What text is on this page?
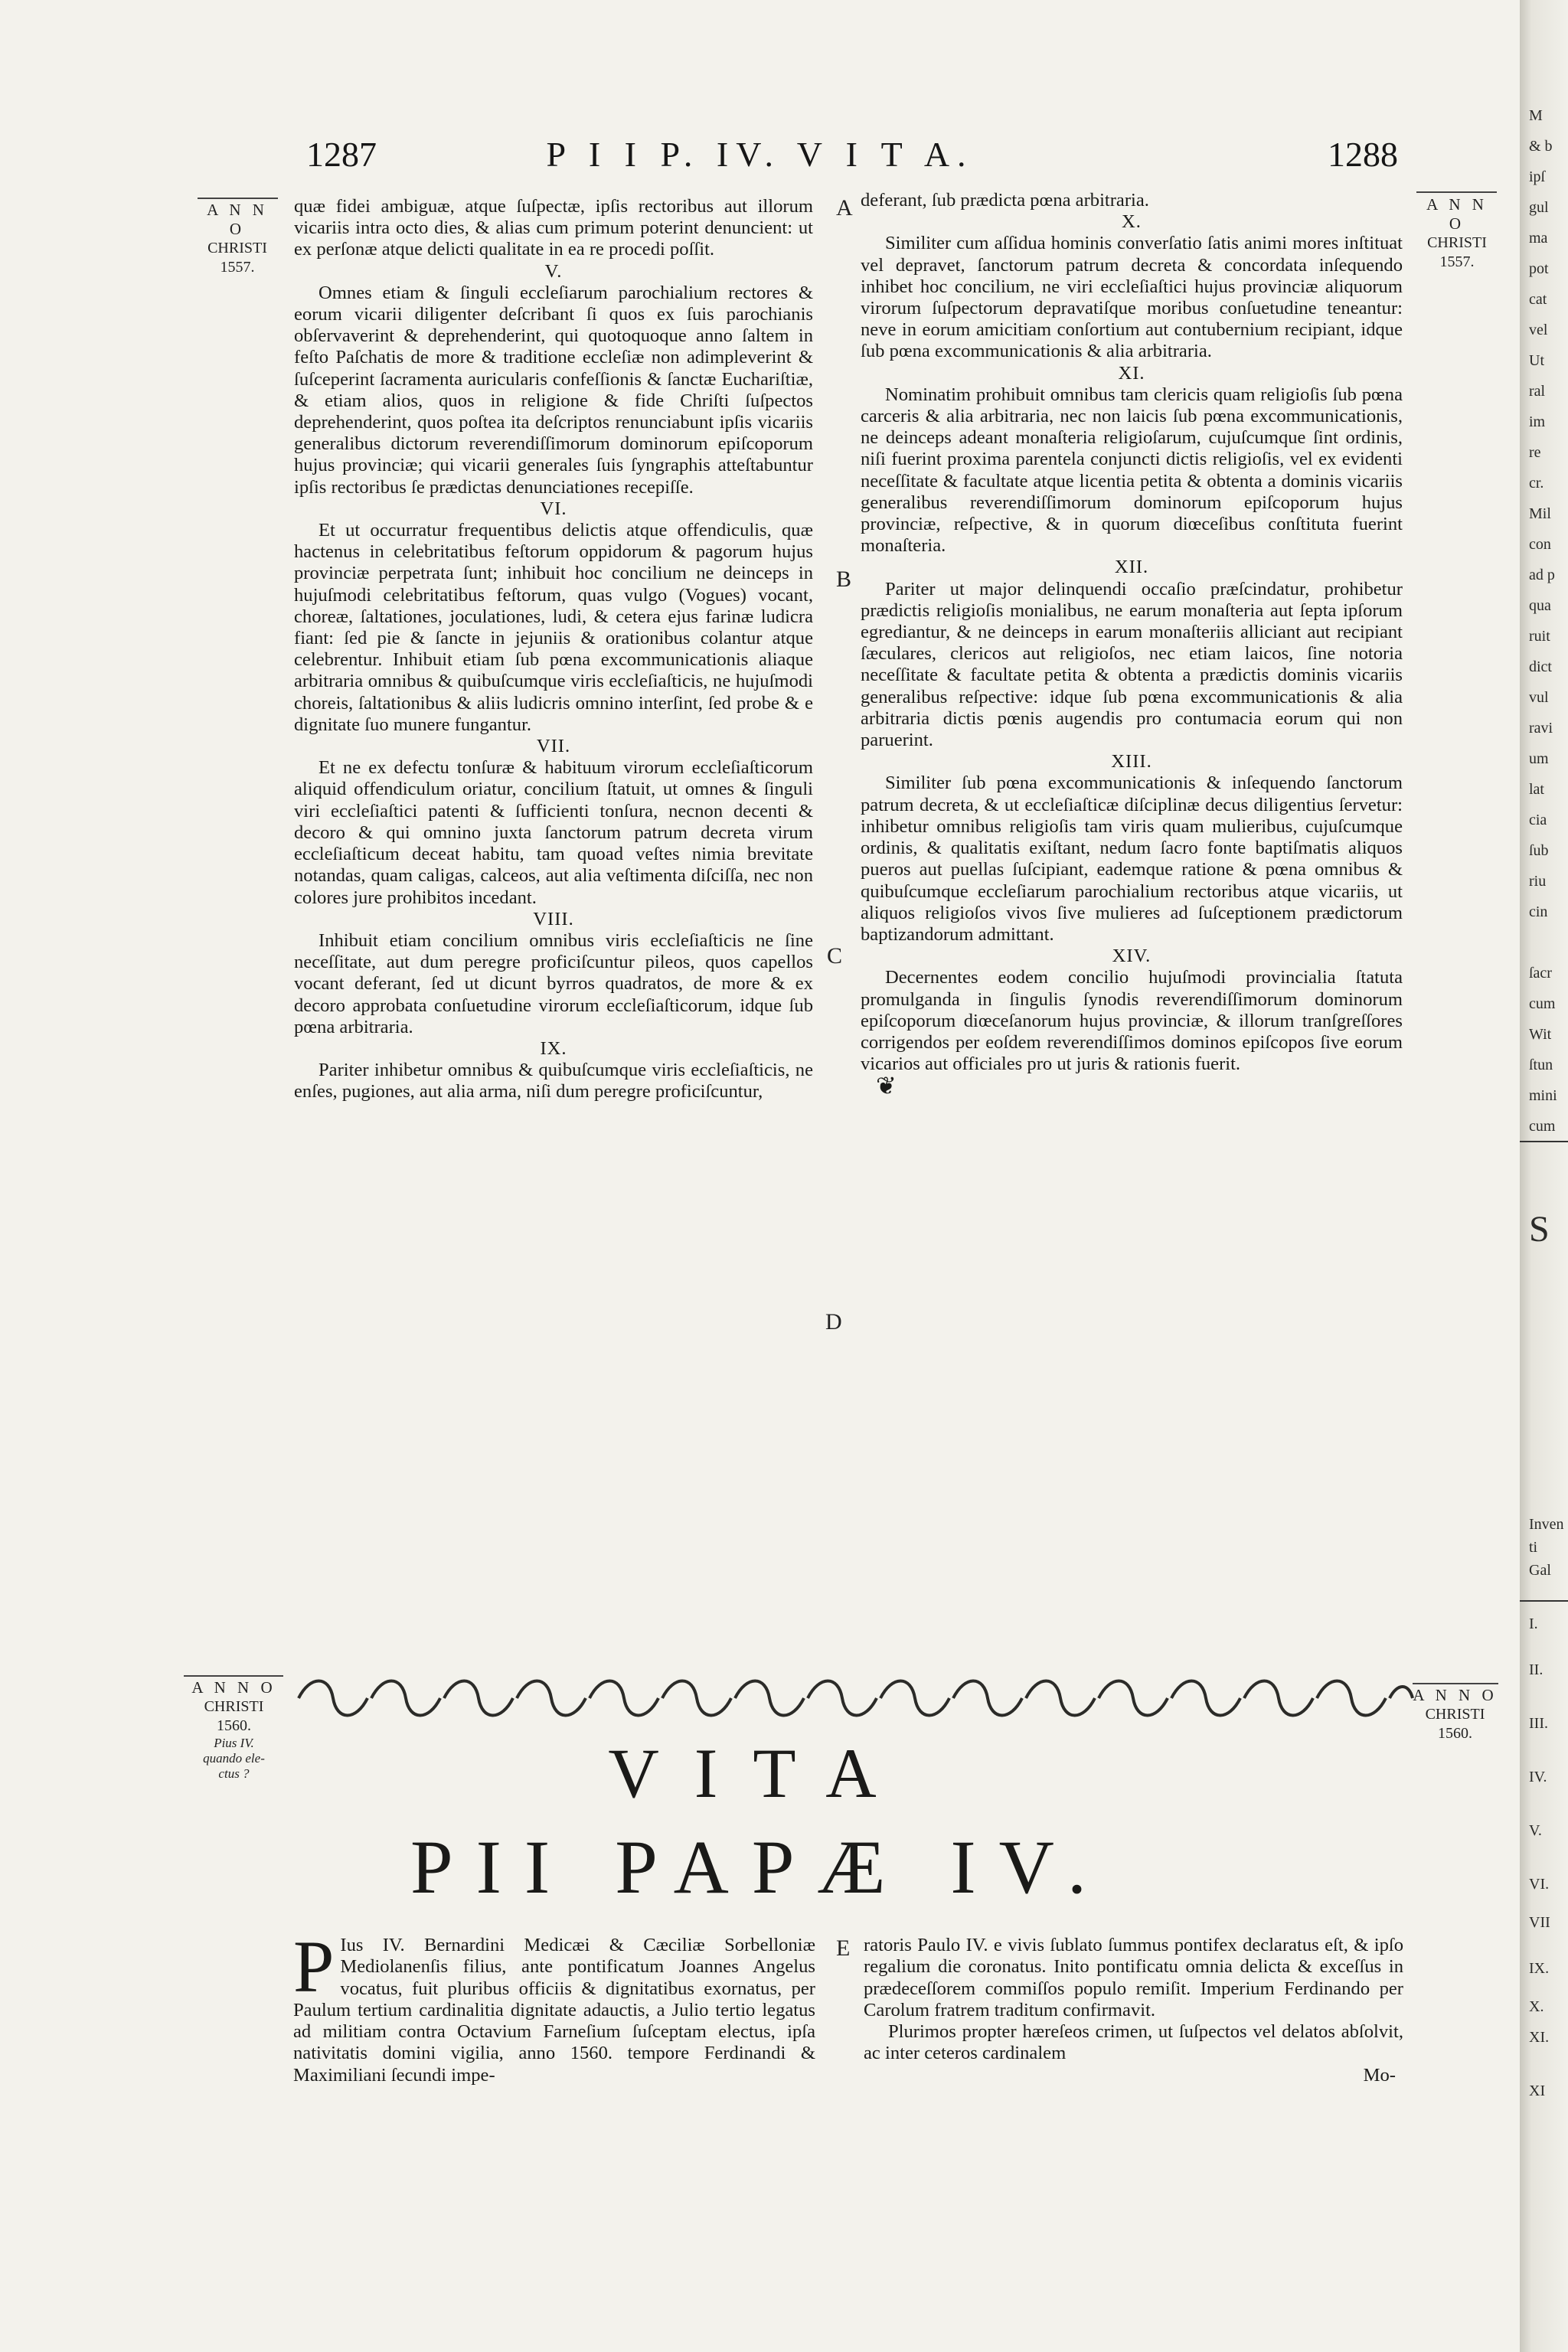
1287	P I I P. IV. V I T A.	1288
A N N O
CHRISTI
1557.
A N N O
CHRISTI
1557.
A
B
C
D
E

quæ fidei ambiguæ, atque ſuſpectæ, ipſis rectoribus aut illorum vicariis intra octo dies, & alias cum primum poterint denuncient: ut ex perſonæ atque delicti qualitate in ea re procedi poſſit.

V.

Omnes etiam & ſinguli eccleſiarum parochialium rectores & eorum vicarii diligenter deſcribant ſi quos ex ſuis parochianis obſervaverint & deprehenderint, qui quotoquoque anno ſaltem in feſto Paſchatis de more & traditione eccleſiæ non adimpleverint & ſuſceperint ſacramenta auricularis confeſſionis & ſanctæ Euchariſtiæ, & etiam alios, quos in religione & fide Chriſti ſuſpectos deprehenderint, quos poſtea ita deſcriptos renunciabunt ipſis vicariis generalibus dictorum reverendiſſimorum dominorum epiſcoporum hujus provinciæ; qui vicarii generales ſuis ſyngraphis atteſtabuntur ipſis rectoribus ſe prædictas denunciationes recepiſſe.

VI.

Et ut occurratur frequentibus delictis atque offendiculis, quæ hactenus in celebritatibus feſtorum oppidorum & pagorum hujus provinciæ perpetrata ſunt; inhibuit hoc concilium ne deinceps in hujuſmodi celebritatibus feſtorum, quas vulgo (Vogues) vocant, choreæ, ſaltationes, joculationes, ludi, & cetera ejus farinæ ludicra fiant: ſed pie & ſancte in jejuniis & orationibus colantur atque celebrentur. Inhibuit etiam ſub pœna excommunicationis aliaque arbitraria omnibus & quibuſcumque viris eccleſiaſticis, ne hujuſmodi choreis, ſaltationibus & aliis ludicris omnino interſint, ſed probe & e dignitate ſuo munere fungantur.

VII.

Et ne ex defectu tonſuræ & habituum virorum eccleſiaſticorum aliquid offendiculum oriatur, concilium ſtatuit, ut omnes & ſinguli viri eccleſiaſtici patenti & ſufficienti tonſura, necnon decenti & decoro & qui omnino juxta ſanctorum patrum decreta virum eccleſiaſticum deceat habitu, tam quoad veſtes nimia brevitate notandas, quam caligas, calceos, aut alia veſtimenta diſciſſa, nec non colores jure prohibitos incedant.

VIII.

Inhibuit etiam concilium omnibus viris eccleſiaſticis ne ſine neceſſitate, aut dum peregre proficiſcuntur pileos, quos capellos vocant deferant, ſed ut dicunt byrros quadratos, de more & ex decoro approbata conſuetudine virorum eccleſiaſticorum, idque ſub pœna arbitraria.

IX.

Pariter inhibetur omnibus & quibuſcumque viris eccleſiaſticis, ne enſes, pugiones, aut alia arma, niſi dum peregre proficiſcuntur,

deferant, ſub prædicta pœna arbitraria.

X.

Similiter cum aſſidua hominis converſatio ſatis animi mores inſtituat vel depravet, ſanctorum patrum decreta & concordata inſequendo inhibet hoc concilium, ne viri eccleſiaſtici hujus provinciæ aliquorum virorum ſuſpectorum depravatiſque moribus conſuetudine teneantur: neve in eorum amicitiam conſortium aut contubernium recipiant, idque ſub pœna excommunicationis & alia arbitraria.

XI.

Nominatim prohibuit omnibus tam clericis quam religioſis ſub pœna carceris & alia arbitraria, nec non laicis ſub pœna excommunicationis, ne deinceps adeant monaſteria religioſarum, cujuſcumque ſint ordinis, niſi fuerint proxima parentela conjuncti dictis religioſis, vel ex evidenti neceſſitate & facultate atque licentia petita & obtenta a dominis vicariis generalibus reverendiſſimorum dominorum epiſcoporum hujus provinciæ, reſpective, & in quorum diœceſibus conſtituta fuerint monaſteria.

XII.

Pariter ut major delinquendi occaſio præſcindatur, prohibetur prædictis religioſis monialibus, ne earum monaſteria aut ſepta ipſorum egrediantur, & ne deinceps in earum monaſteriis alliciant aut recipiant ſæculares, clericos aut religioſos, nec etiam laicos, ſine notoria neceſſitate & facultate petita & obtenta a prædictis dominis vicariis generalibus reſpective: idque ſub pœna excommunicationis & alia arbitraria dictis pœnis augendis pro contumacia eorum qui non paruerint.

XIII.

Similiter ſub pœna excommunicationis & inſequendo ſanctorum patrum decreta, & ut eccleſiaſticæ diſciplinæ decus diligentius ſervetur: inhibetur omnibus religioſis tam viris quam mulieribus, cujuſcumque ordinis, & qualitatis exiſtant, nedum ſacro fonte baptiſmatis aliquos pueros aut puellas ſuſcipiant, eademque ratione & pœna omnibus & quibuſcumque eccleſiarum parochialium rectoribus atque vicariis, ut aliquos religioſos vivos ſive mulieres ad ſuſceptionem prædictorum baptizandorum admittant.

XIV.

Decernentes eodem concilio hujuſmodi provincialia ſtatuta promulganda in ſingulis ſynodis reverendiſſimorum dominorum epiſcoporum diœceſanorum hujus provinciæ, & illorum tranſgreſſores corrigendos per eoſdem reverendiſſimos dominos epiſcopos ſive eorum vicarios aut officiales pro ut juris & rationis fuerit.

❦
A N N O
CHRISTI
1560.
Pius IV.
quando ele-
ctus ?
A N N O
CHRISTI
1560.
VITA
PII PAPÆ IV.
P Ius IV. Bernardini Medicæi & Cæciliæ Sorbelloniæ Mediolanenſis filius, ante pontificatum Joannes Angelus vocatus, fuit pluribus officiis & dignitatibus exornatus, per Paulum tertium cardinalitia dignitate adauctis, a Julio tertio legatus ad militiam contra Octavium Farneſium ſuſceptam electus, ipſa nativitatis domini vigilia, anno 1560. tempore Ferdinandi & Maximiliani ſecundi impe-

ratoris Paulo IV. e vivis ſublato ſummus pontifex declaratus eſt, & ipſo regalium die coronatus. Inito pontificatu omnia delicta & exceſſus in prædeceſſorem commiſſos populo remiſit. Imperium Ferdinando per Carolum fratrem traditum confirmavit.

Plurimos propter hæreſeos crimen, ut ſuſpectos vel delatos abſolvit, ac inter ceteros cardinalem

Mo-
M
& b
ipſ
gul
ma
pot
cat
vel
Ut
ral
im
re
cr.
Mil
con
ad p
qua
ruit
dict
vul
ravi
um
lat
cia
ſub
riu
cin
ſacr
cum
Wit
ſtun
mini
cum
S
Inven
ti
Gal
I.
II.
III.
IV.
V.
VI.
VII
IX.
X.
XI.
XI
